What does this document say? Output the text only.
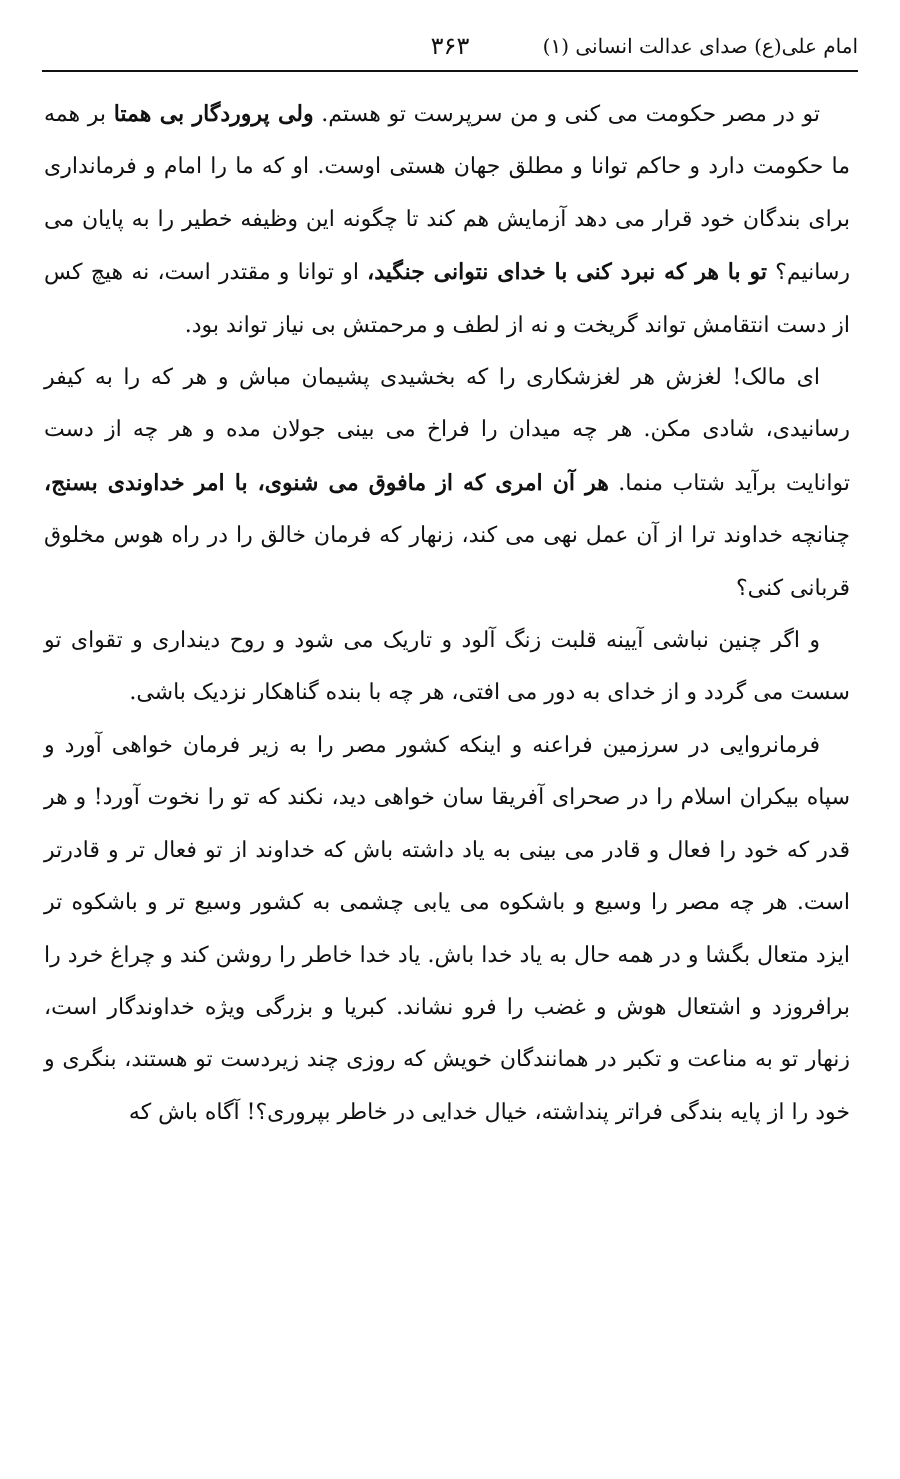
امام علی(ع) صدای عدالت انسانی (۱)
۳۶۳

تو در مصر حکومت می کنی و من سرپرست تو هستم. ولی پروردگار بی همتا بر همه ما حکومت دارد و حاکم توانا و مطلق جهان هستی اوست. او که ما را امام و فرمانداری برای بندگان خود قرار می دهد آزمایش هم کند تا چگونه این وظیفه خطیر را به پایان می رسانیم؟ تو با هر که نبرد کنی با خدای نتوانی جنگید، او توانا و مقتدر است، نه هیچ کس از دست انتقامش تواند گریخت و نه از لطف و مرحمتش بی نیاز تواند بود.

ای مالک! لغزش هر لغزشکاری را که بخشیدی پشیمان مباش و هر که را به کیفر رسانیدی، شادی مکن. هر چه میدان را فراخ می بینی جولان مده و هر چه از دست توانایت برآید شتاب منما. هر آن امری که از مافوق می شنوی، با امر خداوندی بسنج، چنانچه خداوند ترا از آن عمل نهی می کند، زنهار که فرمان خالق را در راه هوس مخلوق قربانی کنی؟

و اگر چنین نباشی آیینه قلبت زنگ آلود و تاریک می شود و روح دینداری و تقوای تو سست می گردد و از خدای به دور می افتی، هر چه با بنده گناهکار نزدیک باشی.

فرمانروایی در سرزمین فراعنه و اینکه کشور مصر را به زیر فرمان خواهی آورد و سپاه بیکران اسلام را در صحرای آفریقا سان خواهی دید، نکند که تو را نخوت آورد! و هر قدر که خود را فعال و قادر می بینی به یاد داشته باش که خداوند از تو فعال تر و قادرتر است. هر چه مصر را وسیع و باشکوه می یابی چشمی به کشور وسیع تر و باشکوه تر ایزد متعال بگشا و در همه حال به یاد خدا باش. یاد خدا خاطر را روشن کند و چراغ خرد را برافروزد و اشتعال هوش و غضب را فرو نشاند. کبریا و بزرگی ویژه خداوندگار است، زنهار تو به مناعت و تکبر در همانندگان خویش که روزی چند زیردست تو هستند، بنگری و خود را از پایه بندگی فراتر پنداشته، خیال خدایی در خاطر بپروری؟! آگاه باش که
